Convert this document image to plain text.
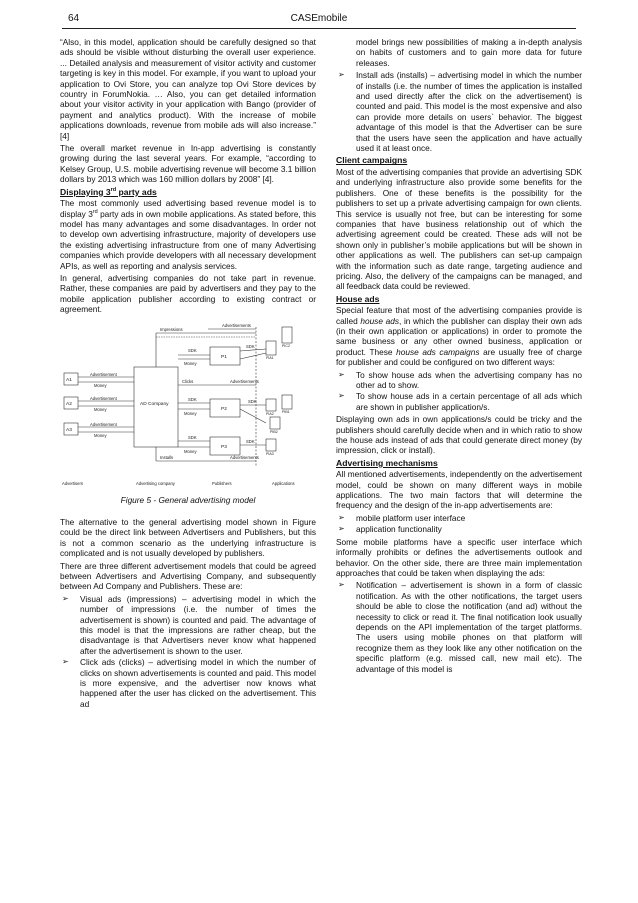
64	CASEmobile

“Also, in this model, application should be carefully designed so that ads should be visible without disturbing the overall user experience. ... Detailed analysis and measurement of visitor activity and customer targeting is key in this model. For example, if you want to upload your application to Ovi Store, you can analyze top Ovi Store devices by country in ForumNokia. … Also, you can get detailed information about your visitor activity in your application with Bango (provider of payment and analytics product). With the increase of mobile applications downloads, revenue from mobile ads will also increase.” [4]

The overall market revenue in In-app advertising is constantly growing during the last several years. For example, “according to Kelsey Group, U.S. mobile advertising revenue will become 3.1 billion dollars by 2013 which was 160 million dollars by 2008” [4].

Displaying 3rd party ads

The most commonly used advertising based revenue model is to display 3rd party ads in own mobile applications. As stated before, this model has many advantages and some disadvantages. In order not to develop own advertising infrastructure, majority of developers use the existing advertising infrastructure from one of many Advertising companies which provide developers with all necessary development APIs, as well as reporting and analysis services.

In general, advertising companies do not take part in revenue. Rather, these companies are paid by advertisers and they pay to the mobile application publisher according to existing contract or agreement.

Impressions
Advertisements
SDK
Money
SDK
Clicks	Advertisements
SDK
Money
SDK
SDK
Money
SDK
Installs	Advertisements
AD Company
P1
P2
P3
A1
A2
A3
Advertisement
Money
Advertisement
Money
Advertisement
Money
PIA1
PIC2
PIA2 PIB1
PIB2
PIA3
Advertisers	Advertising company	Publishers	Applications

Figure 5 - General advertising model

The alternative to the general advertising model shown in Figure could be the direct link between Advertisers and Publishers, but this is not a common scenario as the underlying infrastructure is complicated and is not usually developed by publishers.

There are three different advertisement models that could be agreed between Advertisers and Advertising Company, and subsequently between Ad Company and Publishers. These are:

➢ Visual ads (impressions) – advertising model in which the number of impressions (i.e. the number of times the advertisement is shown) is counted and paid. The advantage of this model is that the impressions are rather cheap, but the disadvantage is that Advertisers never know what happened after the advertisement is shown to the user.
➢ Click ads (clicks) – advertising model in which the number of clicks on shown advertisements is counted and paid. This model is more expensive, and the advertiser now knows what happened after the user has clicked on the advertisement. This ad

model brings new possibilities of making a in-depth analysis on habits of customers and to gain more data for future releases.

➢ Install ads (installs) – advertising model in which the number of installs (i.e. the number of times the application is installed and used directly after the click on the advertisement) is counted and paid. This model is the most expensive and also can provide more details on users` behavior. The biggest advantage of this model is that the Advertiser can be sure that the users have seen the application and have actually used it at least once.
Client campaigns

Most of the advertising companies that provide an advertising SDK and underlying infrastructure also provide some benefits for the publishers. One of these benefits is the possibility for the publishers to set up a private advertising campaign for own clients. This service is usually not free, but can be interesting for some companies that have business relationship out of which the advertising agreement could be created. These ads will not be shown only in publisher’s mobile applications but will be shown in other applications as well. The publishers can set-up campaign with the information such as date range, targeting audience and pricing. Also, the delivery of the campaigns can be managed, and all feedback data could be reviewed.

House ads

Special feature that most of the advertising companies provide is called house ads, in which the publisher can display their own ads (in their own application or applications) in order to promote the same business or any other owned business, application or product. These house ads campaigns are usually free of charge for publisher and could be configured on two different ways:

➢ To show house ads when the advertising company has no other ad to show.
➢ To show house ads in a certain percentage of all ads which are shown in publisher application/s.

Displaying own ads in own applications/s could be tricky and the publishers should carefully decide when and in which ratio to show the house ads instead of ads that could generate direct money (by impression, click or install).

Advertising mechanisms

All mentioned advertisements, independently on the advertisement model, could be shown on many different ways in mobile applications. The two main factors that will determine the frequency and the design of the in-app advertisements are:

➢ mobile platform user interface
➢ application functionality

Some mobile platforms have a specific user interface which informally prohibits or defines the advertisements outlook and behavior. On the other side, there are three main implementation approaches that could be taken when displaying the ads:

➢ Notification – advertisement is shown in a form of classic notification. As with the other notifications, the target users should be able to close the notification (and ad) without the necessity to click or read it. The final notification look usually depends on the API implementation of the target platforms. The users using mobile phones on that platform will recognize them as they look like any other notification on the specific platform (e.g. missed call, new mail etc). The advantage of this model is
